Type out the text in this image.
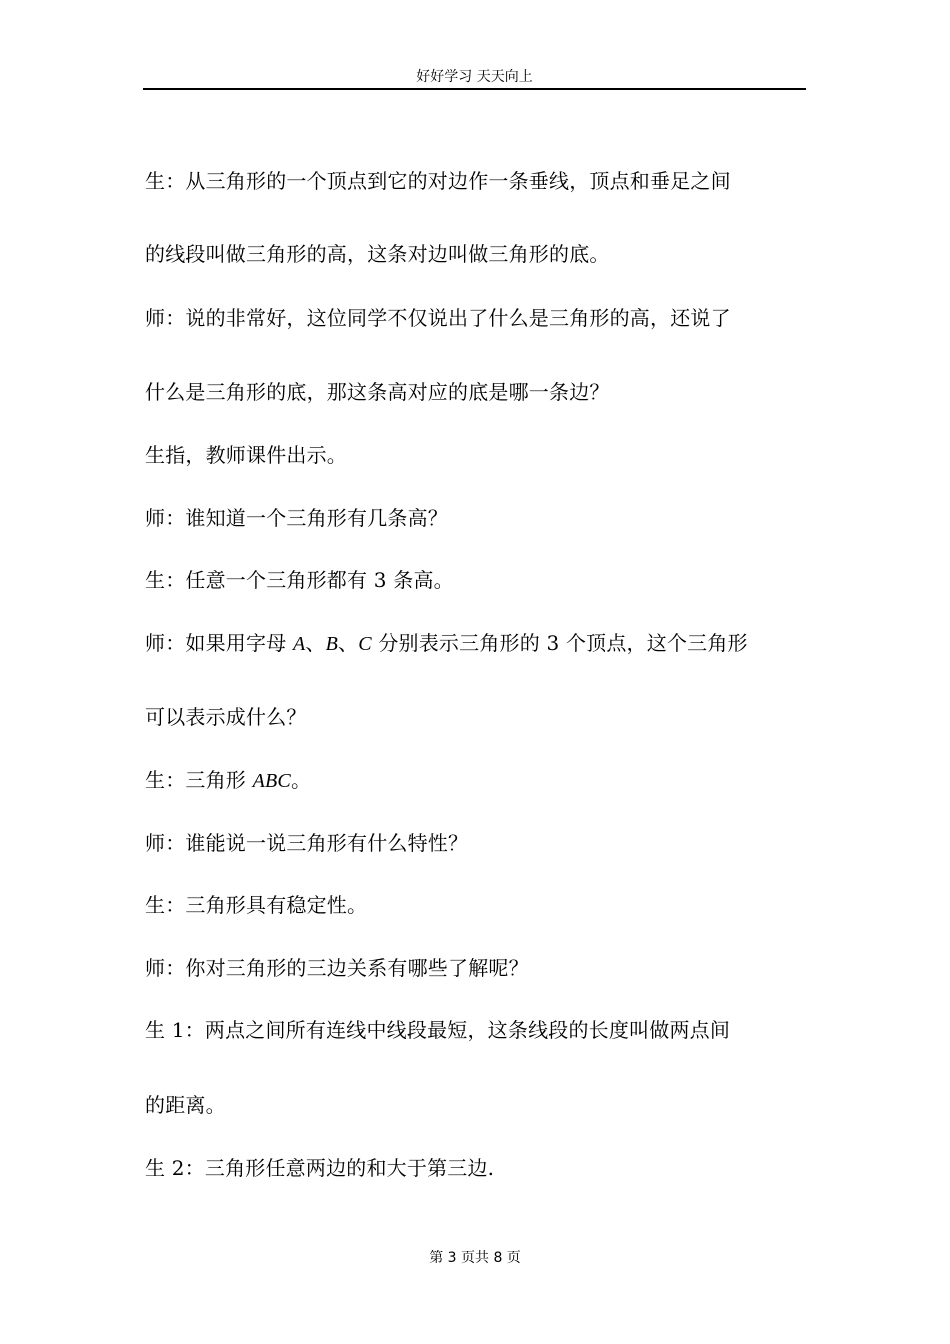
好好学习 天天向上
生：从三角形的一个顶点到它的对边作一条垂线，顶点和垂足之间
的线段叫做三角形的高，这条对边叫做三角形的底。
师：说的非常好，这位同学不仅说出了什么是三角形的高，还说了
什么是三角形的底，那这条高对应的底是哪一条边？
生指，教师课件出示。
师：谁知道一个三角形有几条高？
生：任意一个三角形都有 3 条高。
师：如果用字母 A、B、C 分别表示三角形的 3 个顶点，这个三角形
可以表示成什么？
生：三角形 ABC。
师：谁能说一说三角形有什么特性？
生：三角形具有稳定性。
师：你对三角形的三边关系有哪些了解呢？
生 1：两点之间所有连线中线段最短，这条线段的长度叫做两点间
的距离。
生 2：三角形任意两边的和大于第三边.
第 3 页共 8 页
